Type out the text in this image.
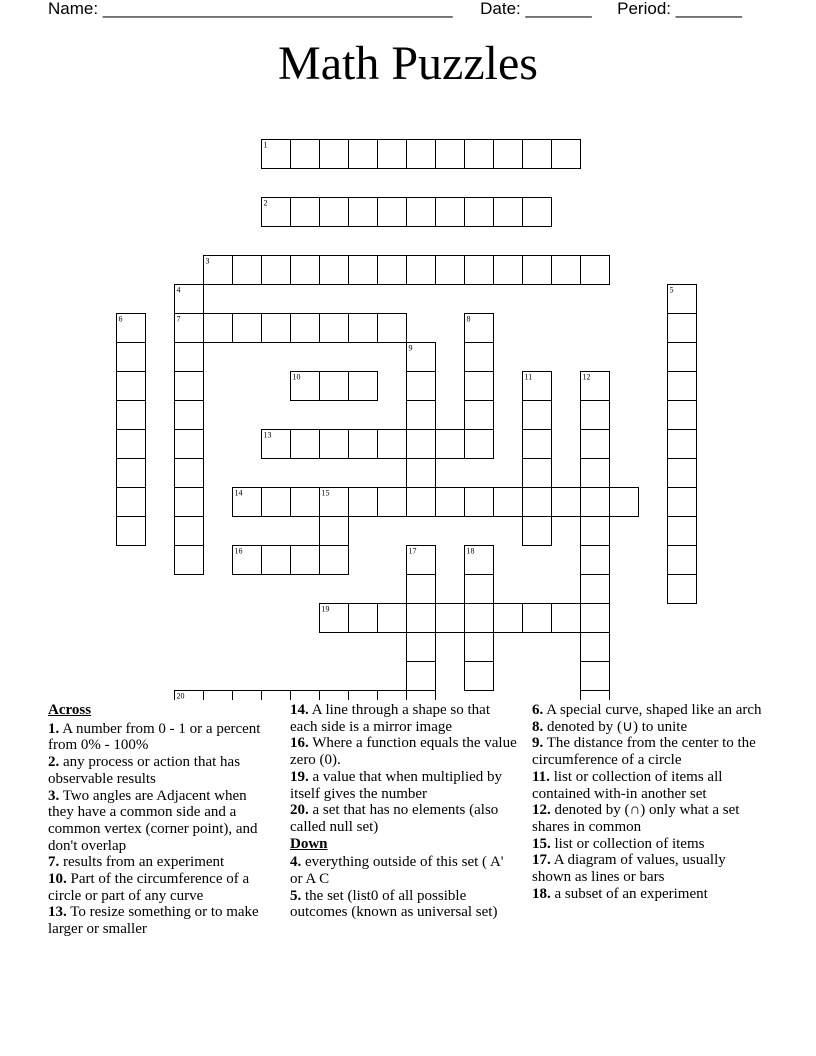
Name: _____________________________________ Date: _______ Period: _______
Math Puzzles
1
2
3
4	5
6	7	8
9
10	11	12
13
14	15
16	17	18
19
20
Across
1. A number from 0 - 1 or a percent from 0% - 100%
2. any process or action that has observable results
3. Two angles are Adjacent when they have a common side and a common vertex (corner point), and don't overlap
7. results from an experiment
10. Part of the circumference of a circle or part of any curve
13. To resize something or to make larger or smaller
14. A line through a shape so that each side is a mirror image
16. Where a function equals the value zero (0).
19. a value that when multiplied by itself gives the number
20. a set that has no elements (also called null set)
Down
4. everything outside of this set ( A' or A C
5. the set (list0 of all possible outcomes (known as universal set)
6. A special curve, shaped like an arch
8. denoted by (∪) to unite
9. The distance from the center to the circumference of a circle
11. list or collection of items all contained with-in another set
12. denoted by (∩) only what a set shares in common
15. list or collection of items
17. A diagram of values, usually shown as lines or bars
18. a subset of an experiment
